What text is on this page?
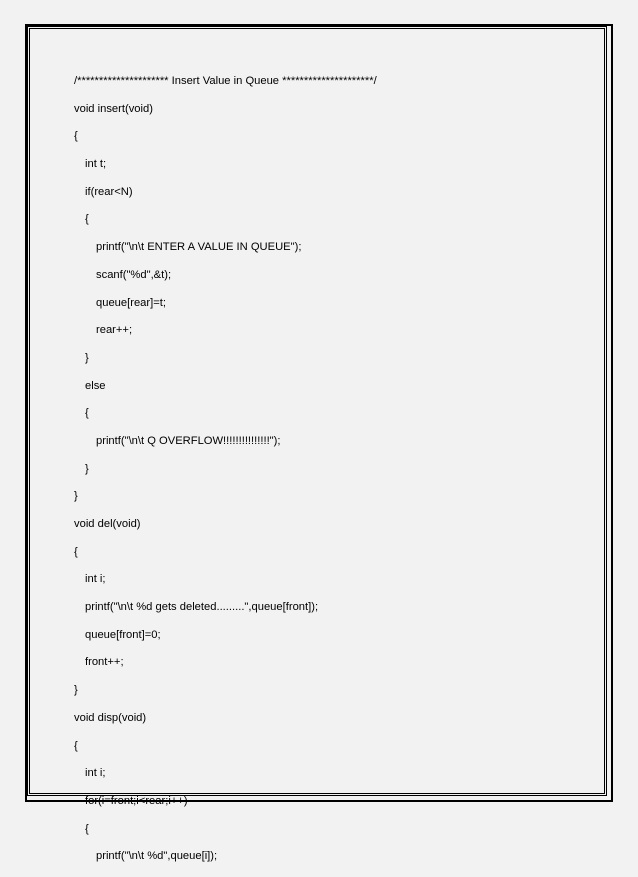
/********************* Insert Value in Queue *********************/
void insert(void)
{
int t;
if(rear<N)
{
printf("\n\t ENTER A VALUE IN QUEUE");
scanf("%d",&t);
queue[rear]=t;
rear++;
}
else
{
printf("\n\t Q OVERFLOW!!!!!!!!!!!!!!!");
}
}
void del(void)
{
int i;
printf("\n\t %d gets deleted.........",queue[front]);
queue[front]=0;
front++;
}
void disp(void)
{
int i;
for(i=front;i<rear;i++)
{
printf("\n\t %d",queue[i]);
